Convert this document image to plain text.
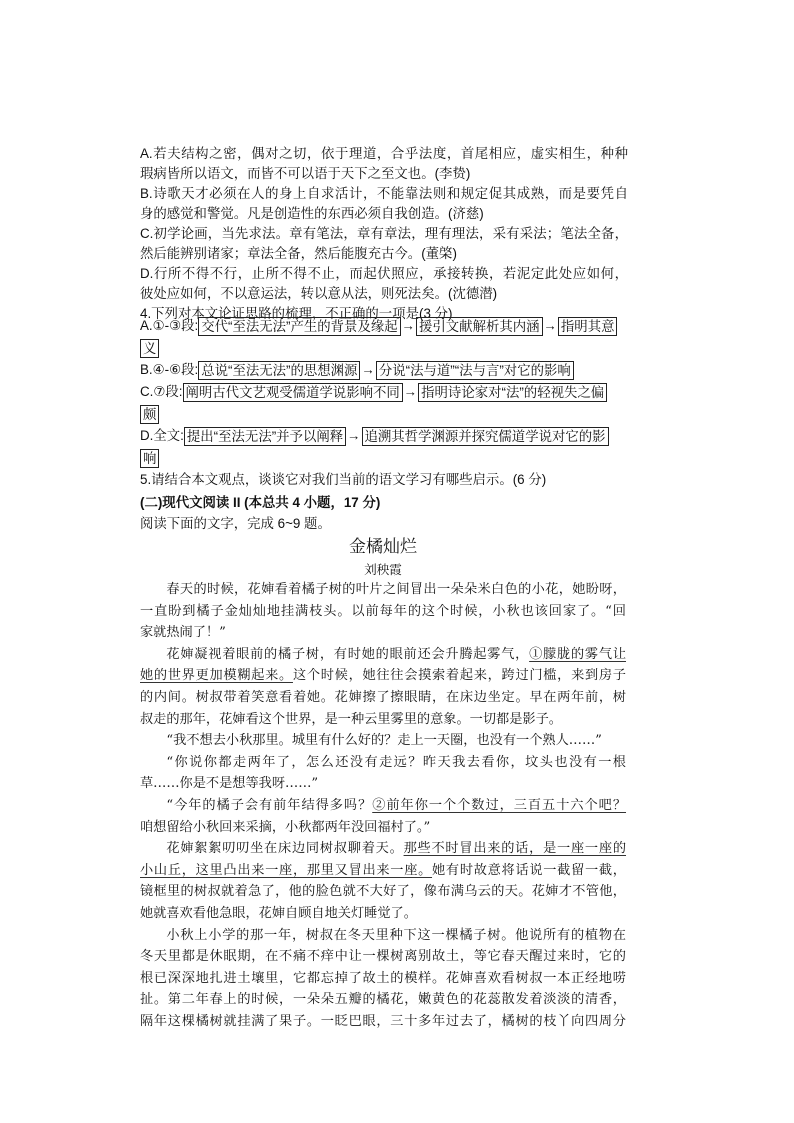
A.若夫结构之密，偶对之切，依于理道，合乎法度，首尾相应，虚实相生，种种
瑕病皆所以语文，而皆不可以语于天下之至文也。(李贽)
B.诗歌天才必须在人的身上自求活计，不能靠法则和规定促其成熟，而是要凭自
身的感觉和警觉。凡是创造性的东西必须自我创造。(济慈)
C.初学论画，当先求法。章有笔法，章有章法，理有理法，采有采法；笔法全备，
然后能辨别诸家；章法全备，然后能腹充古今。(董棨)
D.行所不得不行，止所不得不止，而起伏照应，承接转换，若泥定此处应如何，
彼处应如何，不以意运法，转以意从法，则死法矣。(沈德潜)
4.下列对本文论证思路的梳理，不正确的一项是(3 分)
A.①-③段: 交代“至法无法”产生的背景及缘起 → 援引文献解析其内涵 → 指明其意
义
B.④-⑥段: 总说“至法无法”的思想渊源 → 分说“法与道”“法与言”对它的影响
C.⑦段: 阐明古代文艺观受儒道学说影响不同 → 指明诗论家对“法”的轻视失之偏
颇
D.全文: 提出“至法无法”并予以阐释 → 追溯其哲学渊源并探究儒道学说对它的影
响
5.请结合本文观点，谈谈它对我们当前的语文学习有哪些启示。(6 分)
(二)现代文阅读 II (本总共 4 小题，17 分)
阅读下面的文字，完成 6~9 题。
金橘灿烂
刘秧霞
春天的时候，花婶看着橘子树的叶片之间冒出一朵朵米白色的小花，她盼呀，
一直盼到橘子金灿灿地挂满枝头。以前每年的这个时候，小秋也该回家了。“回
家就热闹了！”
花婶凝视着眼前的橘子树，有时她的眼前还会升腾起雾气，①朦胧的雾气让
她的世界更加模糊起来。这个时候，她往往会摸索着起来，跨过门槛，来到房子
的内间。树叔带着笑意看着她。花婶擦了擦眼睛，在床边坐定。早在两年前，树
叔走的那年，花婶看这个世界，是一种云里雾里的意象。一切都是影子。
“我不想去小秋那里。城里有什么好的？走上一天圈，也没有一个熟人……”
“你说你都走两年了，怎么还没有走远？昨天我去看你，坟头也没有一根
草……你是不是想等我呀……”
“今年的橘子会有前年结得多吗？②前年你一个个数过，三百五十六个吧？
咱想留给小秋回来采摘，小秋都两年没回福村了。”
花婶絮絮叨叨坐在床边同树叔聊着天。那些不时冒出来的话，是一座一座的
小山丘，这里凸出来一座，那里又冒出来一座。她有时故意将话说一截留一截，
镜框里的树叔就着急了，他的脸色就不大好了，像布满乌云的天。花婶才不管他，
她就喜欢看他急眼，花婶自顾自地关灯睡觉了。
小秋上小学的那一年，树叔在冬天里种下这一棵橘子树。他说所有的植物在
冬天里都是休眠期，在不痛不痒中让一棵树离别故土，等它春天醒过来时，它的
根已深深地扎进土壤里，它都忘掉了故土的模样。花婶喜欢看树叔一本正经地唠
扯。第二年春上的时候，一朵朵五瓣的橘花，嫩黄色的花蕊散发着淡淡的清香，
隔年这棵橘树就挂满了果子。一眨巴眼，三十多年过去了，橘树的枝丫向四周分
